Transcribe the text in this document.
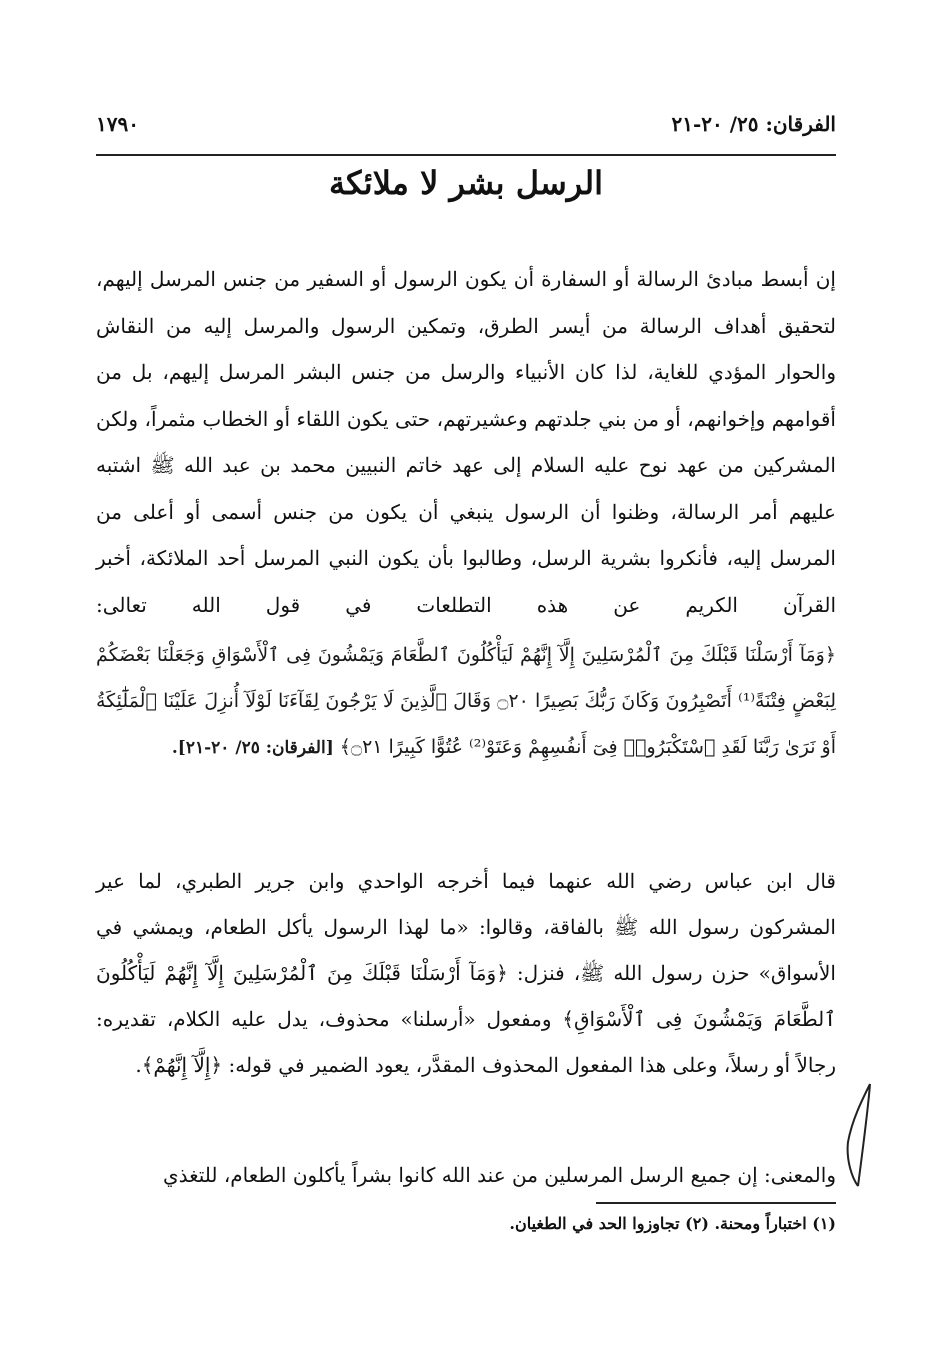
الفرقان: ٢٥/ ٢٠-٢١
١٧٩٠
الرسل بشر لا ملائكة

إن أبسط مبادئ الرسالة أو السفارة أن يكون الرسول أو السفير من جنس المرسل إليهم، لتحقيق أهداف الرسالة من أيسر الطرق، وتمكين الرسول والمرسل إليه من النقاش والحوار المؤدي للغاية، لذا كان الأنبياء والرسل من جنس البشر المرسل إليهم، بل من أقوامهم وإخوانهم، أو من بني جلدتهم وعشيرتهم، حتى يكون اللقاء أو الخطاب مثمراً، ولكن المشركين من عهد نوح عليه السلام إلى عهد خاتم النبيين محمد بن عبد الله ﷺ اشتبه عليهم أمر الرسالة، وظنوا أن الرسول ينبغي أن يكون من جنس أسمى أو أعلى من المرسل إليه، فأنكروا بشرية الرسل، وطالبوا بأن يكون النبي المرسل أحد الملائكة، أخبر القرآن الكريم عن هذه التطلعات في قول الله تعالى:

﴿وَمَآ أَرْسَلْنَا قَبْلَكَ مِنَ ٱلْمُرْسَلِينَ إِلَّآ إِنَّهُمْ لَيَأْكُلُونَ ٱلطَّعَامَ وَيَمْشُونَ فِى ٱلْأَسْوَاقِ وَجَعَلْنَا بَعْضَكُمْ لِبَعْضٍ فِتْنَةً⁽¹⁾ أَتَصْبِرُونَ وَكَانَ رَبُّكَ بَصِيرًا ۝٢٠ وَقَالَ ٱلَّذِينَ لَا يَرْجُونَ لِقَآءَنَا لَوْلَآ أُنزِلَ عَلَيْنَا ٱلْمَلَٰٓئِكَةُ أَوْ نَرَىٰ رَبَّنَا لَقَدِ ٱسْتَكْبَرُوا۟ فِىٓ أَنفُسِهِمْ وَعَتَوْ⁽²⁾ عُتُوًّا كَبِيرًا ۝٢١﴾ [الفرقان: ٢٥/ ٢٠-٢١].

قال ابن عباس رضي الله عنهما فيما أخرجه الواحدي وابن جرير الطبري، لما عير المشركون رسول الله ﷺ بالفاقة، وقالوا: «ما لهذا الرسول يأكل الطعام، ويمشي في الأسواق» حزن رسول الله ﷺ، فنزل: ﴿وَمَآ أَرْسَلْنَا قَبْلَكَ مِنَ ٱلْمُرْسَلِينَ إِلَّآ إِنَّهُمْ لَيَأْكُلُونَ ٱلطَّعَامَ وَيَمْشُونَ فِى ٱلْأَسْوَاقِ﴾ ومفعول «أرسلنا» محذوف، يدل عليه الكلام، تقديره: رجالاً أو رسلاً، وعلى هذا المفعول المحذوف المقدَّر، يعود الضمير في قوله: ﴿إِلَّآ إِنَّهُمْ﴾.

والمعنى: إن جميع الرسل المرسلين من عند الله كانوا بشراً يأكلون الطعام، للتغذي

(١) اختباراً ومحنة. (٢) تجاوزوا الحد في الطغيان.
